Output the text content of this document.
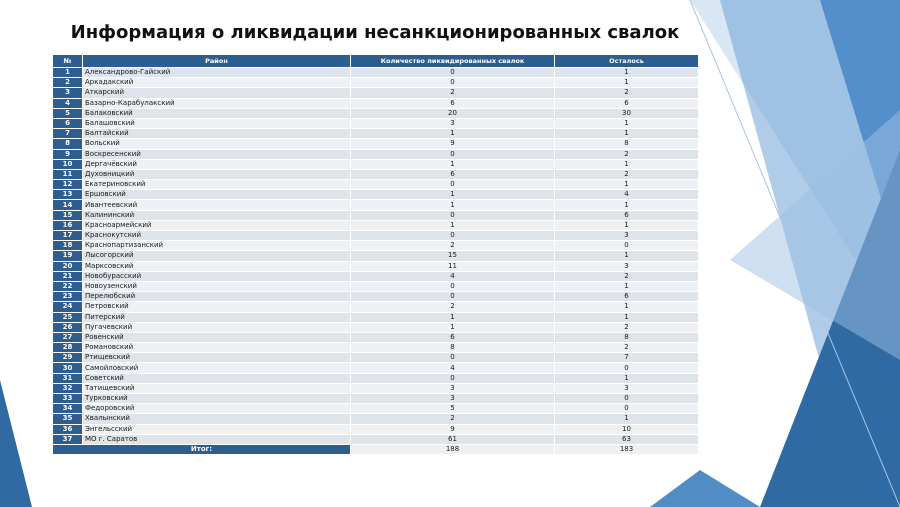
Информация о ликвидации несанкционированных свалок
№	Район	Количество ликвидированных свалок	Осталось
1	Александрово-Гайский	0	1
2	Аркадакский	0	1
3	Аткарский	2	2
4	Базарно-Карабулакский	6	6
5	Балаковский	20	30
6	Балашовский	3	1
7	Балтайский	1	1
8	Вольский	9	8
9	Воскресенский	0	2
10	Дергачёвский	1	1
11	Духовницкий	6	2
12	Екатериновский	0	1
13	Ершовский	1	4
14	Ивантеевский	1	1
15	Калининский	0	6
16	Красноармейский	1	1
17	Краснокутский	0	3
18	Краснопартизанский	2	0
19	Лысогорский	15	1
20	Марксовский	11	3
21	Новобурасский	4	2
22	Новоузенский	0	1
23	Перелюбский	0	6
24	Петровский	2	1
25	Питерский	1	1
26	Пугачевский	1	2
27	Ровенский	6	8
28	Романовский	8	2
29	Ртищевский	0	7
30	Самойловский	4	0
31	Советский	0	1
32	Татищевский	3	3
33	Турковский	3	0
34	Федоровский	5	0
35	Хвалынский	2	1
36	Энгельсский	9	10
37	МО г. Саратов	61	63
Итог:		188	183
